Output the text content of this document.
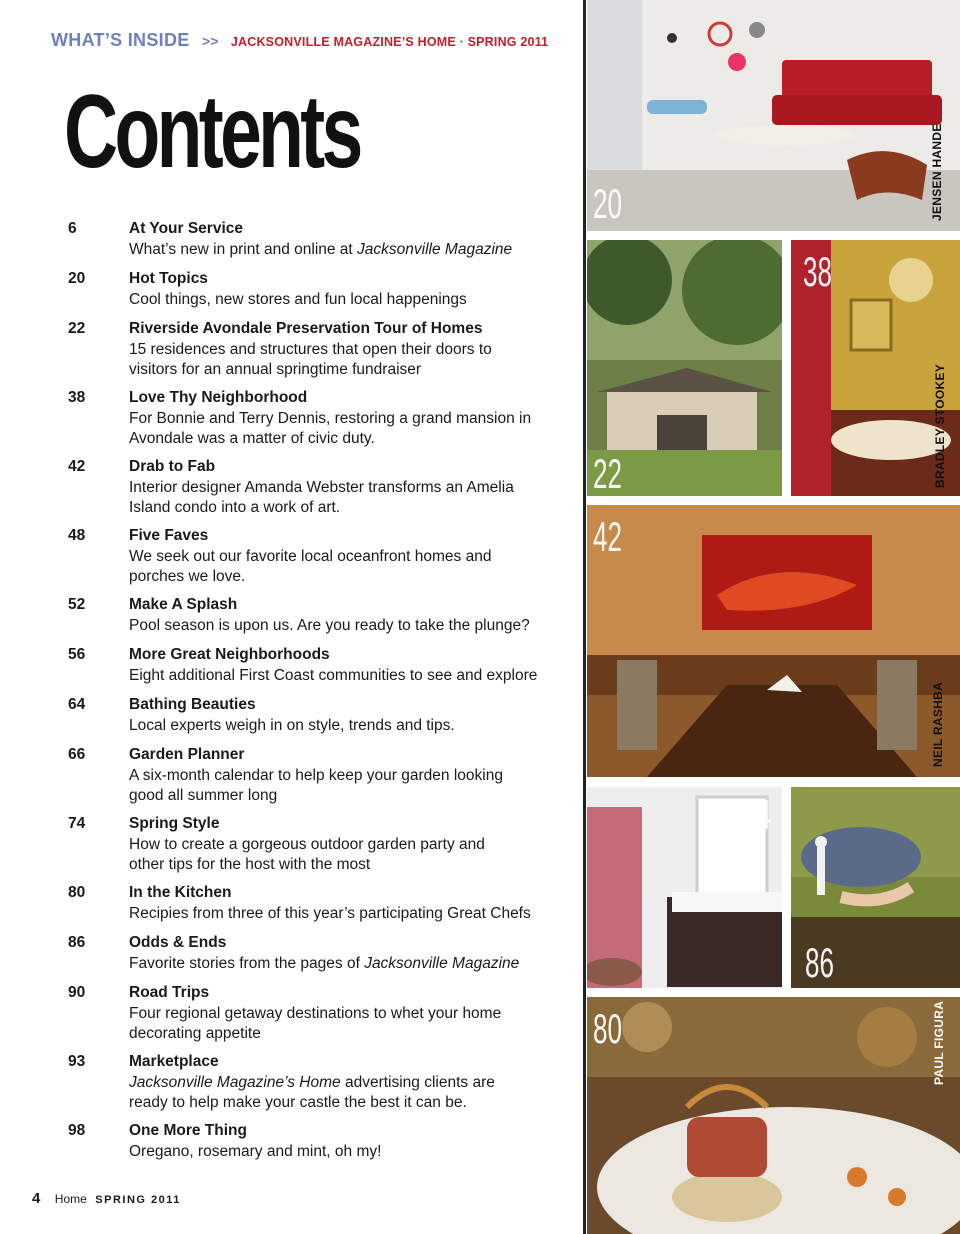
WHAT’S INSIDE >> JACKSONVILLE MAGAZINE’S HOME · SPRING 2011
Contents
6	At Your Service
What’s new in print and online at Jacksonville Magazine
20	Hot Topics
Cool things, new stores and fun local happenings
22	Riverside Avondale Preservation Tour of Homes
15 residences and structures that open their doors to visitors for an annual springtime fundraiser
38	Love Thy Neighborhood
For Bonnie and Terry Dennis, restoring a grand mansion in Avondale was a matter of civic duty.
42	Drab to Fab
Interior designer Amanda Webster transforms an Amelia Island condo into a work of art.
48	Five Faves
We seek out our favorite local oceanfront homes and porches we love.
52	Make A Splash
Pool season is upon us. Are you ready to take the plunge?
56	More Great Neighborhoods
Eight additional First Coast communities to see and explore
64	Bathing Beauties
Local experts weigh in on style, trends and tips.
66	Garden Planner
A six-month calendar to help keep your garden looking good all summer long
74	Spring Style
How to create a gorgeous outdoor garden party and other tips for the host with the most
80	In the Kitchen
Recipies from three of this year’s participating Great Chefs
86	Odds & Ends
Favorite stories from the pages of Jacksonville Magazine
90	Road Trips
Four regional getaway destinations to whet your home decorating appetite
93	Marketplace
Jacksonville Magazine’s Home advertising clients are ready to help make your castle the best it can be.
98	One More Thing
Oregano, rosemary and mint, oh my!
4 Home SPRING 2011
20	JENSEN HANDE
22
38
BRADLEY STOOKEY
42
NEIL RASHBA
64
86
80	PAUL FIGURA
